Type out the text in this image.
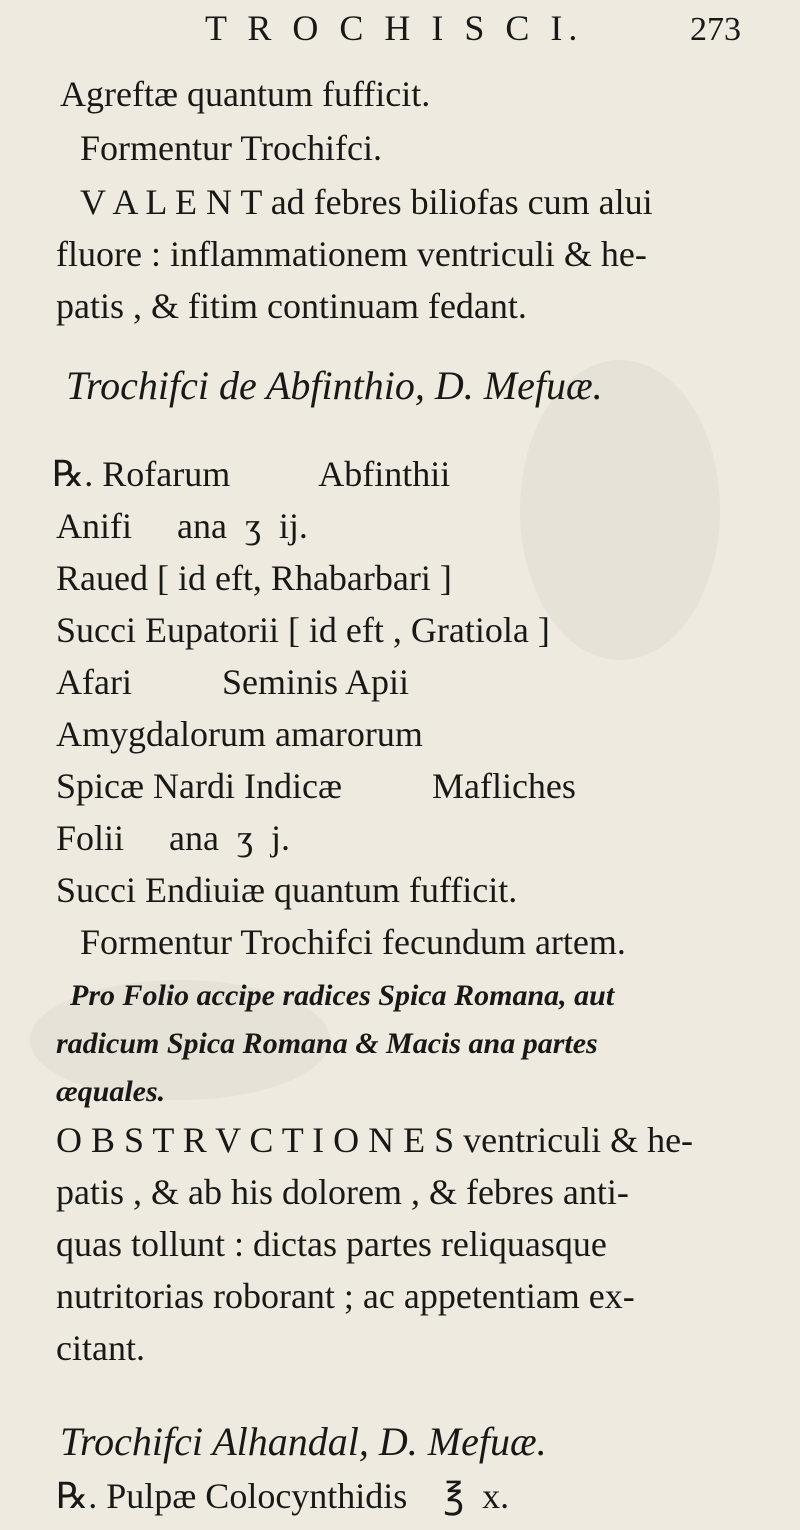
T R O C H I S C I.	273
Agreftæ quantum fufficit.
Formentur Trochifci.
V A L E N T ad febres biliofas cum alui
fluore : inflammationem ventriculi & he-
patis , & fitim continuam fedant.
Trochifci de Abfinthio, D. Mefuæ.
℞. Rofarum          Abfinthii
Anifi     ana  ʒ  ij.
Raued [ id eft, Rhabarbari ]
Succi Eupatorii [ id eft , Gratiola ]
Afari          Seminis Apii
Amygdalorum amarorum
Spicæ Nardi Indicæ          Mafliches
Folii     ana  ʒ  j.
Succi Endiuiæ quantum fufficit.
Formentur Trochifci fecundum artem.
Pro Folio accipe radices Spica Romana, aut
radicum Spica Romana & Macis ana partes
æquales.
O B S T R V C T I O N E S ventriculi & he-
patis , & ab his dolorem , & febres anti-
quas tollunt : dictas partes reliquasque
nutritorias roborant ; ac appetentiam ex-
citant.
Trochifci Alhandal, D. Mefuæ.
℞. Pulpæ Colocynthidis    ℥  x.
